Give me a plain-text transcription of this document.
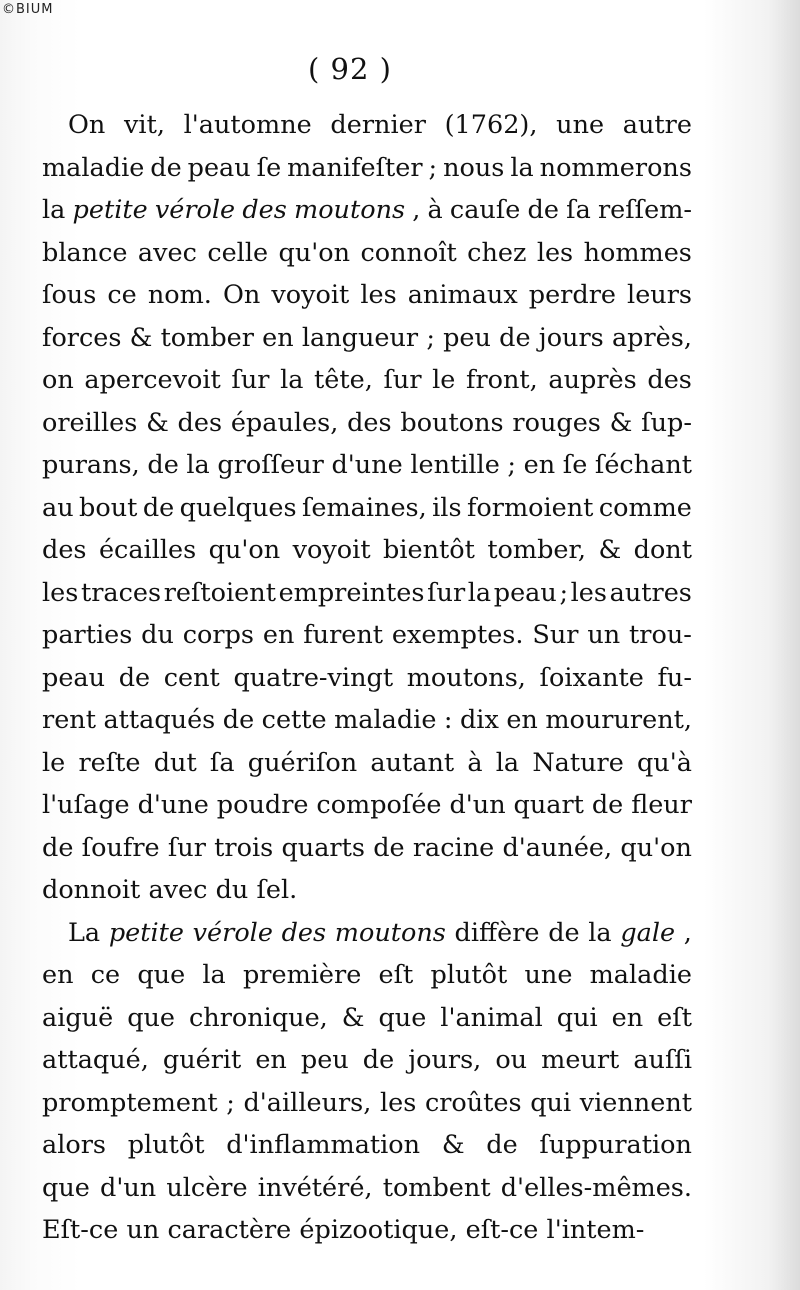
©BIUM
( 92 )
On vit, l'automne dernier (1762), une autre
maladie de peau ſe manifeſter ; nous la nommerons
la petite vérole des moutons , à cauſe de ſa reſſem-
blance avec celle qu'on connoît chez les hommes
ſous ce nom. On voyoit les animaux perdre leurs
forces & tomber en langueur ; peu de jours après,
on apercevoit ſur la tête, ſur le front, auprès des
oreilles & des épaules, des boutons rouges & ſup-
purans, de la groſſeur d'une lentille ; en ſe ſéchant
au bout de quelques ſemaines, ils formoient comme
des écailles qu'on voyoit bientôt tomber, & dont
les traces reſtoient empreintes ſur la peau ; les autres
parties du corps en furent exemptes. Sur un trou-
peau de cent quatre-vingt moutons, ſoixante fu-
rent attaqués de cette maladie : dix en moururent,
le reſte dut ſa guériſon autant à la Nature qu'à
l'uſage d'une poudre compoſée d'un quart de fleur
de ſoufre ſur trois quarts de racine d'aunée, qu'on
donnoit avec du ſel.
La petite vérole des moutons diffère de la gale ,
en ce que la première eſt plutôt une maladie
aiguë que chronique, & que l'animal qui en eſt
attaqué, guérit en peu de jours, ou meurt auſſi
promptement ; d'ailleurs, les croûtes qui viennent
alors plutôt d'inflammation & de ſuppuration
que d'un ulcère invétéré, tombent d'elles-mêmes.
Eſt-ce un caractère épizootique, eſt-ce l'intem-
